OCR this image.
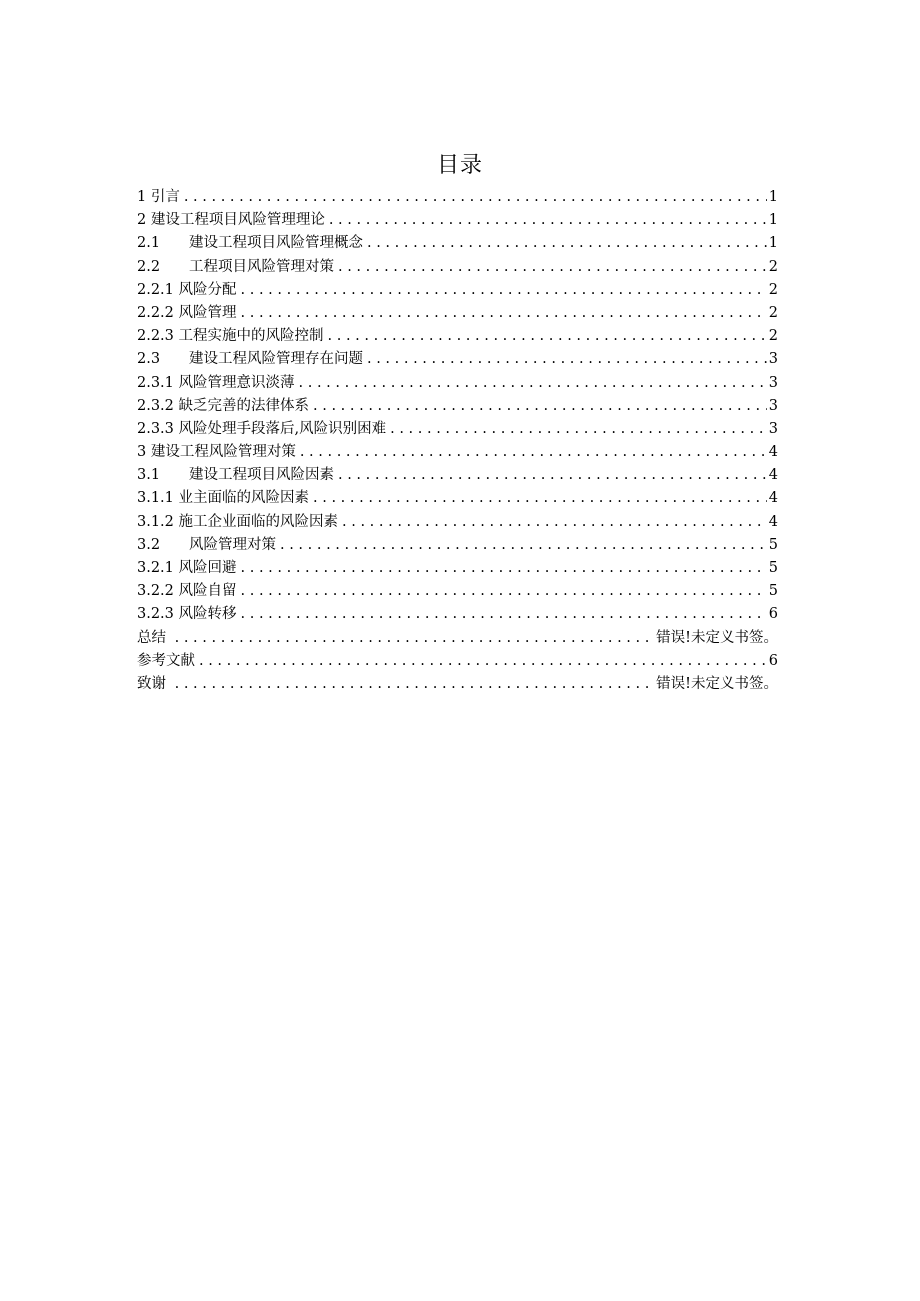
目录
1 引言 . . .	1
2 建设工程项目风险管理理论 . . .	1
2.1 建设工程项目风险管理概念 . . .	1
2.2 工程项目风险管理对策 . . .	2
2.2.1 风险分配 . . .	2
2.2.2 风险管理 . . .	2
2.2.3 工程实施中的风险控制 . . .	2
2.3 建设工程风险管理存在问题 . . .	3
2.3.1 风险管理意识淡薄 . . .	3
2.3.2 缺乏完善的法律体系 . . .	3
2.3.3 风险处理手段落后,风险识别困难 . . .	3
3 建设工程风险管理对策 . . .	4
3.1 建设工程项目风险因素 . . .	4
3.1.1 业主面临的风险因素 . . .	4
3.1.2 施工企业面临的风险因素 . . .	4
3.2 风险管理对策 . . .	5
3.2.1 风险回避 . . .	5
3.2.2 风险自留 . . .	5
3.2.3 风险转移 . . .	6
总结 . . .	错误!未定义书签。
参考文献 . . .	6
致谢 . . .	错误!未定义书签。
